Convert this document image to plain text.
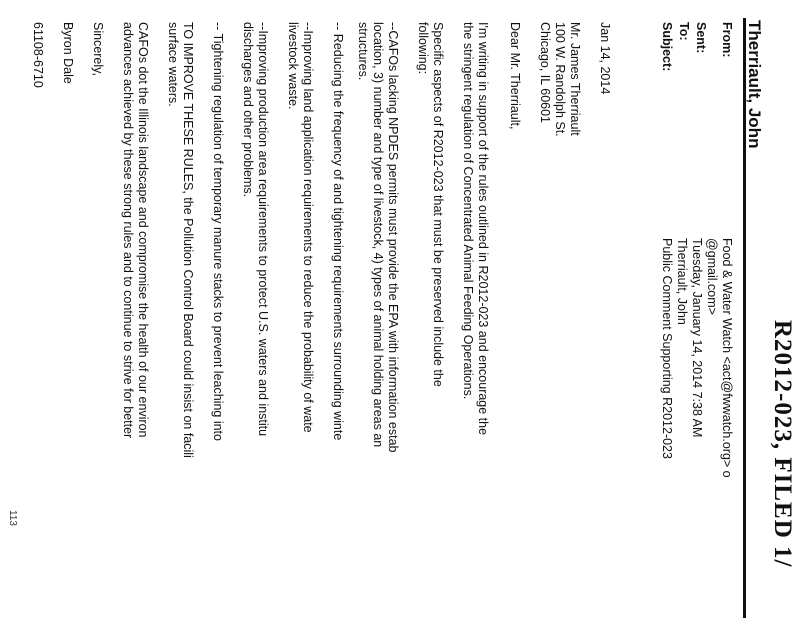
R2012-023, FILED 1/
Therriault, John
From:
Food & Water Watch <act@fwwatch.org> o
@gmail.com>
Sent:
Tuesday, January 14, 2014 7:38 AM
To:
Therriault, John
Subject:
Public Comment Supporting R2012-023
Jan 14, 2014
Mr. James Therriault
100 W. Randolph St.
Chicago, IL 60601
Dear Mr. Therriault,
I'm writing in support of the rules outlined in R2012-023 and encourage the
the stringent regulation of Concentrated Animal Feeding Operations.
Specific aspects of R2012-023 that must be preserved include the
following:
--CAFOs lacking NPDES permits must provide the EPA with information estab
location, 3) number and type of livestock, 4) types of animal holding areas an
structures.
-- Reducing the frequency of and tightening requirements surrounding winte
--Improving land application requirements to reduce the probability of wate
livestock waste.
--Improving production area requirements to protect U.S. waters and institu
discharges and other problems.
-- Tightening regulation of temporary manure stacks to prevent leaching into
TO IMPROVE THESE RULES, the Pollution Control Board could insist on facili
surface waters.
CAFOs dot the Illinois landscape and compromise the health of our environ
advances achieved by these strong rules and to continue to strive for better
Sincerely,
Byron Dale
61108-6710
113
